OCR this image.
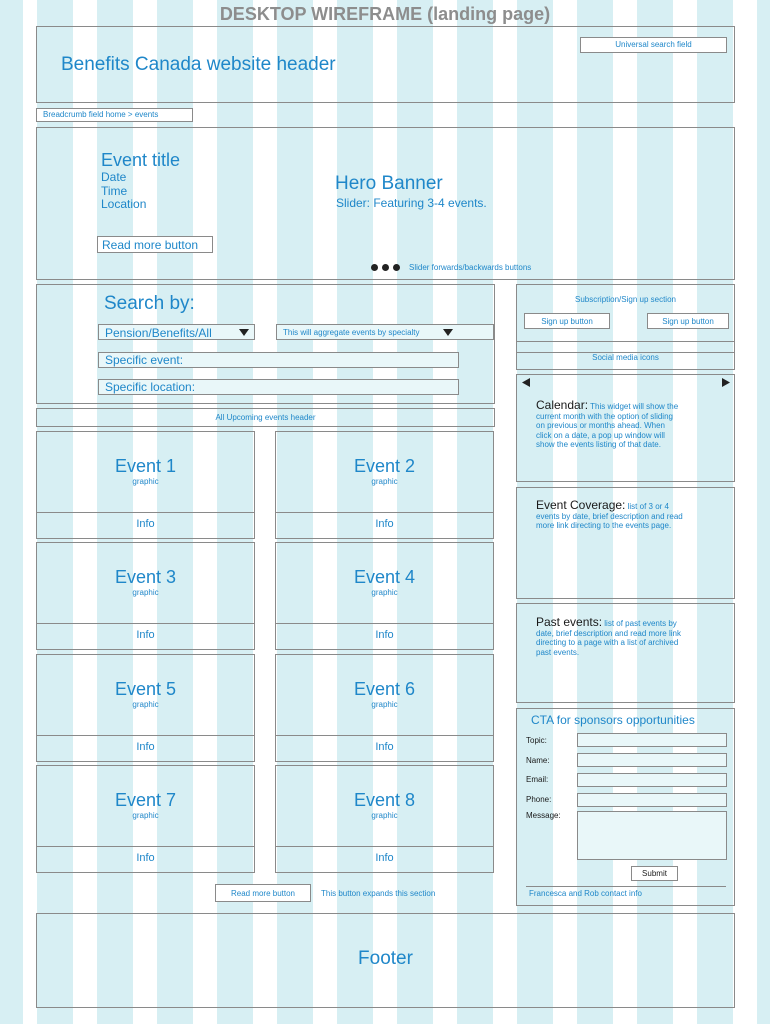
DESKTOP WIREFRAME (landing page)
Benefits Canada website header
Universal search field
Breadcrumb field home > events
Event title
Date
Time
Location
Read more button
Hero Banner
Slider: Featuring 3-4 events.
Slider forwards/backwards buttons
Search by:
Pension/Benefits/All	This will aggregate events by specialty
Specific event:
Specific location:
All Upcoming events header
Event 1
graphic
Info
Event 2
graphic
Info
Event 3
graphic
Info
Event 4
graphic
Info
Event 5
graphic
Info
Event 6
graphic
Info
Event 7
graphic
Info
Event 8
graphic
Info
Read more button	This button expands this section
Subscription/Sign up section
Sign up button	Sign up button
Social media icons
Calendar: This widget will show the
current month with the option of sliding
on previous or months ahead. When
click on a date, a pop up window will
show the events listing of that date.
Event Coverage: list of 3 or 4
events by date, brief description and read
more link directing to the events page.
Past events: list of past events by
date, brief description and read more link
directing to a page with a list of archived
past events.
CTA for sponsors opportunities
Topic:
Name:
Email:
Phone:
Message:
Submit
Francesca and Rob contact info
Footer
